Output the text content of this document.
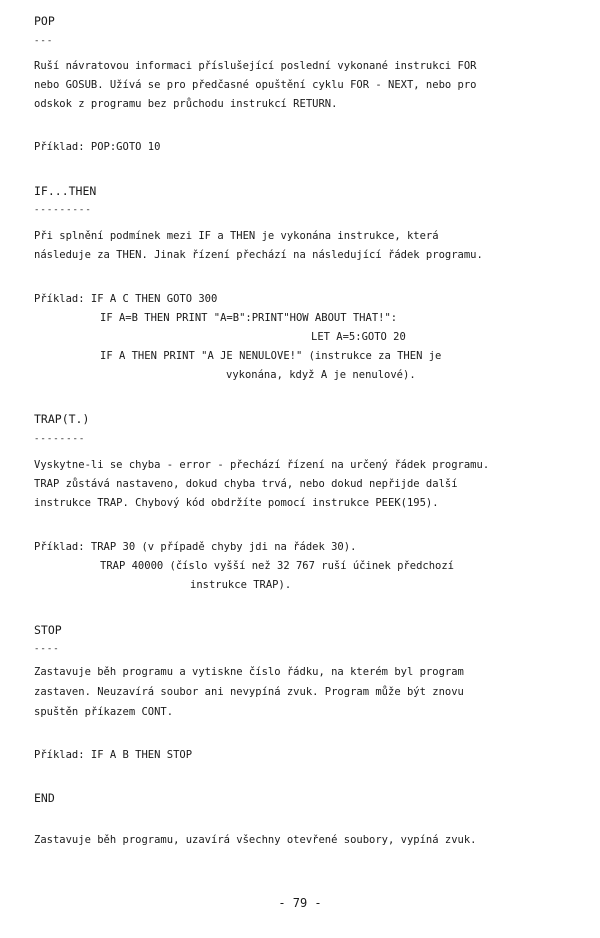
POP
---
Ruší návratovou informaci příslušející poslední vykonané instrukci FOR
nebo GOSUB. Užívá se pro předčasné opuštění cyklu FOR - NEXT, nebo pro
odskok z programu bez průchodu instrukcí RETURN.
Příklad: POP:GOTO 10
IF...THEN
---------
Při splnění podmínek mezi IF a THEN je vykonána instrukce, která
následuje za THEN. Jinak řízení přechází na následující řádek programu.
Příklad: IF A C THEN GOTO 300
IF A=B THEN PRINT "A=B":PRINT"HOW ABOUT THAT!":
LET A=5:GOTO 20
IF A THEN PRINT "A JE NENULOVE!" (instrukce za THEN je
vykonána, když A je nenulové).
TRAP(T.)
--------
Vyskytne-li se chyba - error - přechází řízení na určený řádek programu.
TRAP zůstává nastaveno, dokud chyba trvá, nebo dokud nepřijde další
instrukce TRAP. Chybový kód obdržíte pomocí instrukce PEEK(195).
Příklad: TRAP 30 (v případě chyby jdi na řádek 30).
TRAP 40000 (číslo vyšší než 32 767 ruší účinek předchozí
instrukce TRAP).
STOP
----
Zastavuje běh programu a vytiskne číslo řádku, na kterém byl program
zastaven. Neuzavírá soubor ani nevypíná zvuk. Program může být znovu
spuštěn příkazem CONT.
Příklad: IF A B THEN STOP
END
Zastavuje běh programu, uzavírá všechny otevřené soubory, vypíná zvuk.
- 79 -
